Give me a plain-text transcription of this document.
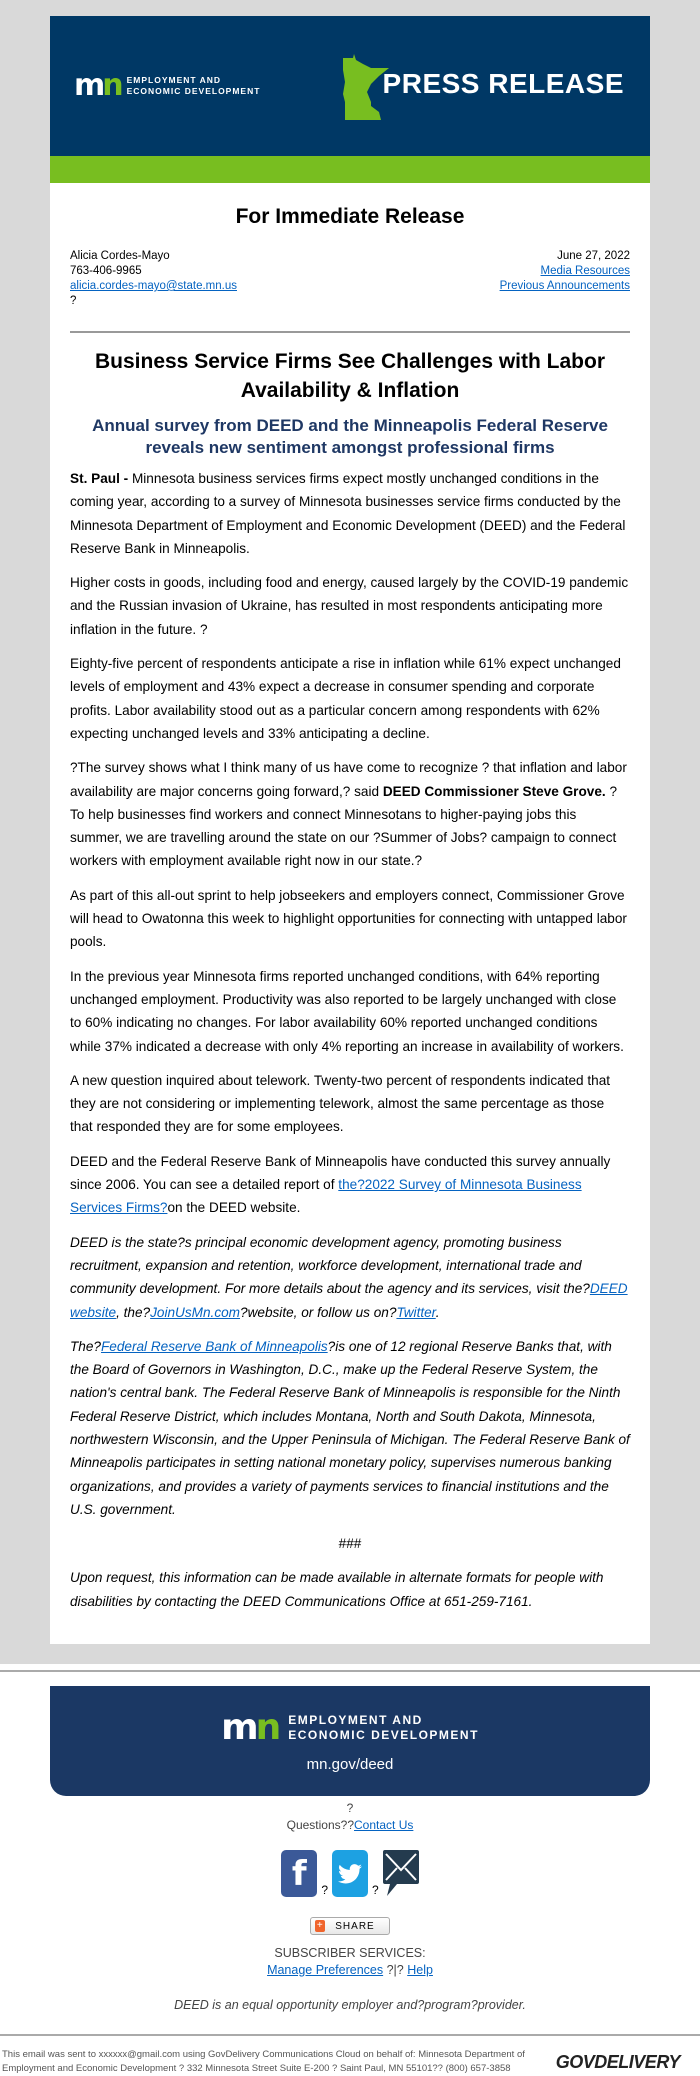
mn EMPLOYMENT AND
ECONOMIC DEVELOPMENT	PRESS RELEASE
For Immediate Release
Alicia Cordes-Mayo
763-406-9965
alicia.cordes-mayo@state.mn.us
?
June 27, 2022
Media Resources
Previous Announcements
Business Service Firms See Challenges with Labor Availability & Inflation
Annual survey from DEED and the Minneapolis Federal Reserve reveals new sentiment amongst professional firms

St. Paul - Minnesota business services firms expect mostly unchanged conditions in the coming year, according to a survey of Minnesota businesses service firms conducted by the Minnesota Department of Employment and Economic Development (DEED) and the Federal Reserve Bank in Minneapolis.

Higher costs in goods, including food and energy, caused largely by the COVID-19 pandemic and the Russian invasion of Ukraine, has resulted in most respondents anticipating more inflation in the future. ?

Eighty-five percent of respondents anticipate a rise in inflation while 61% expect unchanged levels of employment and 43% expect a decrease in consumer spending and corporate profits. Labor availability stood out as a particular concern among respondents with 62% expecting unchanged levels and 33% anticipating a decline.

?The survey shows what I think many of us have come to recognize ? that inflation and labor availability are major concerns going forward,? said DEED Commissioner Steve Grove. ?To help businesses find workers and connect Minnesotans to higher-paying jobs this summer, we are travelling around the state on our ?Summer of Jobs? campaign to connect workers with employment available right now in our state.?

As part of this all-out sprint to help jobseekers and employers connect, Commissioner Grove will head to Owatonna this week to highlight opportunities for connecting with untapped labor pools.

In the previous year Minnesota firms reported unchanged conditions, with 64% reporting unchanged employment. Productivity was also reported to be largely unchanged with close to 60% indicating no changes. For labor availability 60% reported unchanged conditions while 37% indicated a decrease with only 4% reporting an increase in availability of workers.

A new question inquired about telework. Twenty-two percent of respondents indicated that they are not considering or implementing telework, almost the same percentage as those that responded they are for some employees.

DEED and the Federal Reserve Bank of Minneapolis have conducted this survey annually since 2006. You can see a detailed report of the?2022 Survey of Minnesota Business Services Firms?on the DEED website.

DEED is the state?s principal economic development agency, promoting business recruitment, expansion and retention, workforce development, international trade and community development. For more details about the agency and its services, visit the?DEED website, the?JoinUsMn.com?website, or follow us on?Twitter.

The?Federal Reserve Bank of Minneapolis?is one of 12 regional Reserve Banks that, with the Board of Governors in Washington, D.C., make up the Federal Reserve System, the nation's central bank. The Federal Reserve Bank of Minneapolis is responsible for the Ninth Federal Reserve District, which includes Montana, North and South Dakota, Minnesota, northwestern Wisconsin, and the Upper Peninsula of Michigan. The Federal Reserve Bank of Minneapolis participates in setting national monetary policy, supervises numerous banking organizations, and provides a variety of payments services to financial institutions and the U.S. government.

###

Upon request, this information can be made available in alternate formats for people with disabilities by contacting the DEED Communications Office at 651-259-7161.

mn EMPLOYMENT AND
ECONOMIC DEVELOPMENT
mn.gov/deed
?
Questions??Contact Us
f	?	?
+ SHARE
SUBSCRIBER SERVICES:
Manage Preferences ?|? Help
DEED is an equal opportunity employer and?program?provider.
This email was sent to xxxxxx@gmail.com using GovDelivery Communications Cloud on behalf of: Minnesota Department of Employment and Economic Development ? 332 Minnesota Street Suite E-200 ? Saint Paul, MN 55101?? (800) 657-3858	GOVDELIVERY
